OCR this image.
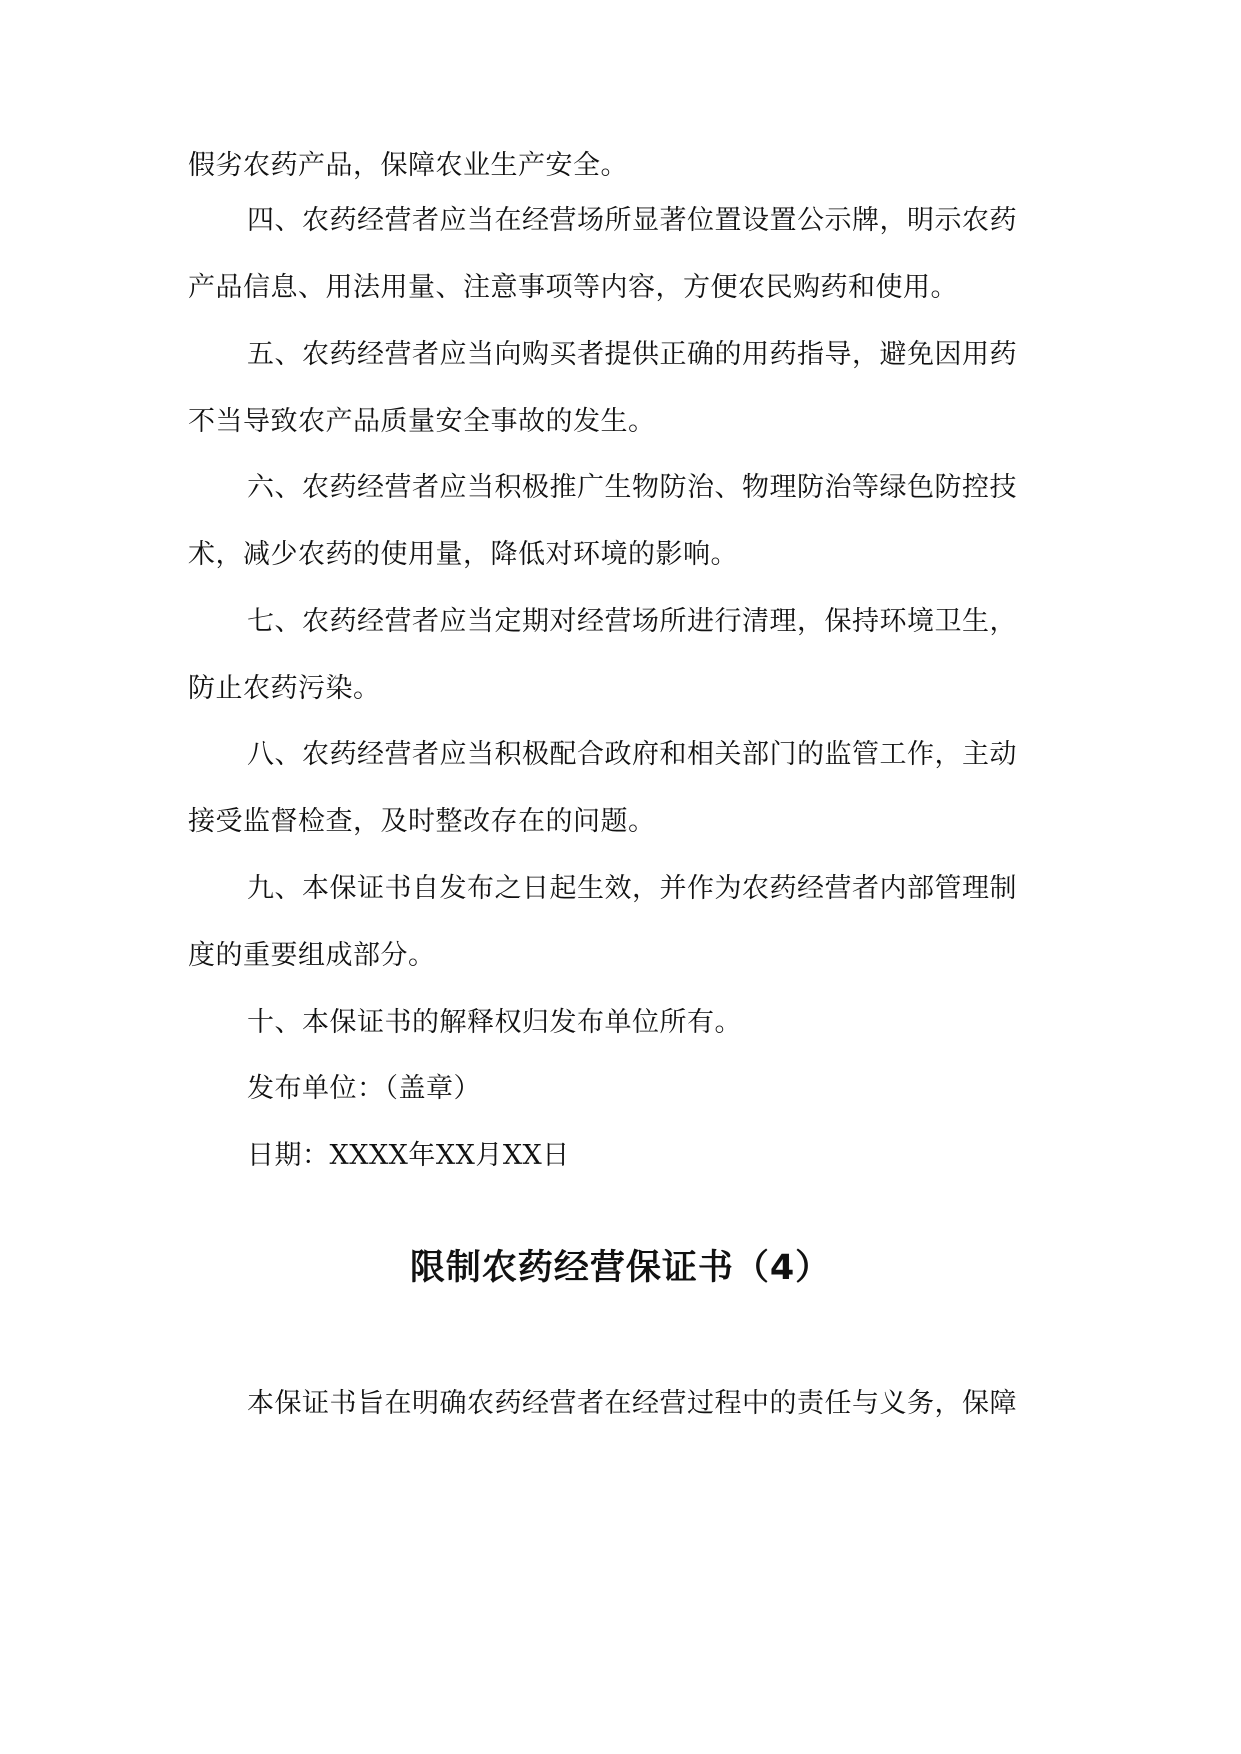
假劣农药产品，保障农业生产安全。
四、农药经营者应当在经营场所显著位置设置公示牌，明示农药
产品信息、用法用量、注意事项等内容，方便农民购药和使用。
五、农药经营者应当向购买者提供正确的用药指导，避免因用药
不当导致农产品质量安全事故的发生。
六、农药经营者应当积极推广生物防治、物理防治等绿色防控技
术，减少农药的使用量，降低对环境的影响。
七、农药经营者应当定期对经营场所进行清理，保持环境卫生，
防止农药污染。
八、农药经营者应当积极配合政府和相关部门的监管工作，主动
接受监督检查，及时整改存在的问题。
九、本保证书自发布之日起生效，并作为农药经营者内部管理制
度的重要组成部分。
十、本保证书的解释权归发布单位所有。
发布单位：（盖章）
日期：XXXX年XX月XX日
限制农药经营保证书（4）
本保证书旨在明确农药经营者在经营过程中的责任与义务，保障
